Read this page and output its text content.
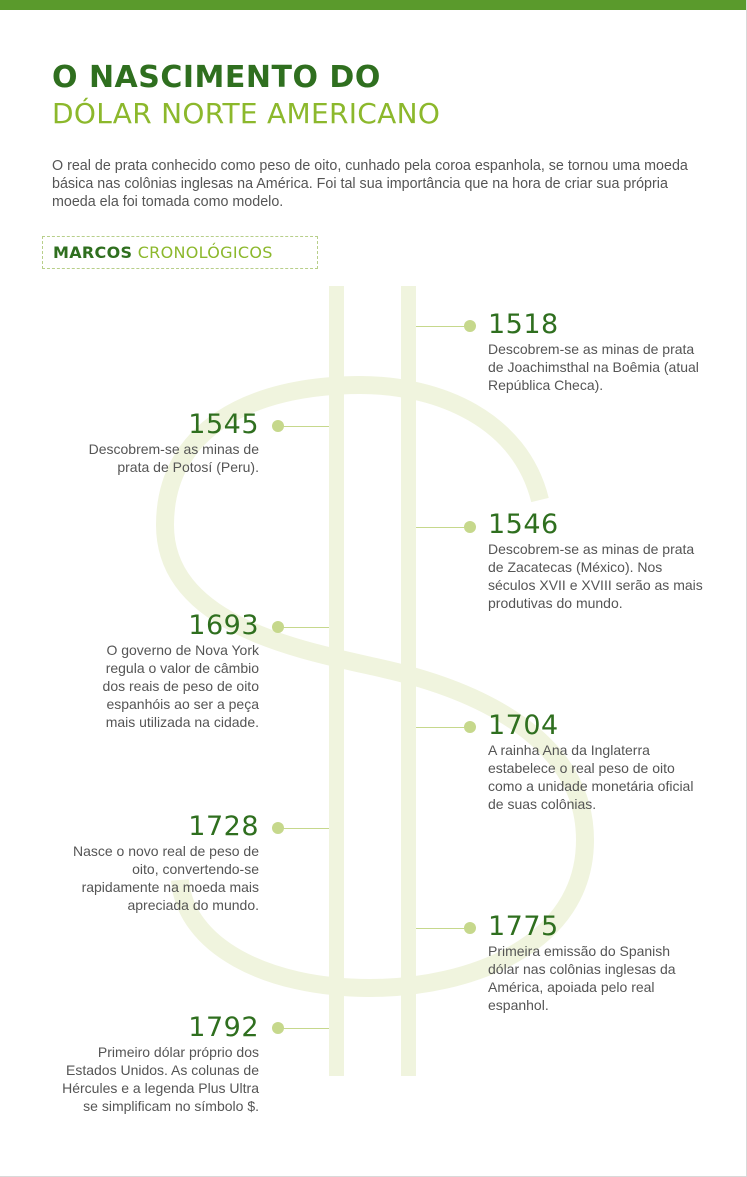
O NASCIMENTO DO
DÓLAR NORTE AMERICANO
O real de prata conhecido como peso de oito, cunhado pela coroa espanhola, se tornou uma moeda básica nas colônias inglesas na América. Foi tal sua importância que na hora de criar sua própria moeda ela foi tomada como modelo.
MARCOS CRONOLÓGICOS
1518
Descobrem-se as minas de prata de Joachimsthal na Boêmia (atual República Checa).
1545
Descobrem-se as minas de prata de Potosí (Peru).
1546
Descobrem-se as minas de prata de Zacatecas (México). Nos séculos XVII e XVIII serão as mais produtivas do mundo.
1693
O governo de Nova York regula o valor de câmbio dos reais de peso de oito espanhóis ao ser a peça mais utilizada na cidade.	1704
A rainha Ana da Inglaterra estabelece o real peso de oito como a unidade monetária oficial de suas colônias.
1728
Nasce o novo real de peso de oito, convertendo-se rapidamente na moeda mais apreciada do mundo.
1775
Primeira emissão do Spanish dólar nas colônias inglesas da América, apoiada pelo real espanhol.
1792
Primeiro dólar próprio dos Estados Unidos. As colunas de Hércules e a legenda Plus Ultra se simplificam no símbolo $.
